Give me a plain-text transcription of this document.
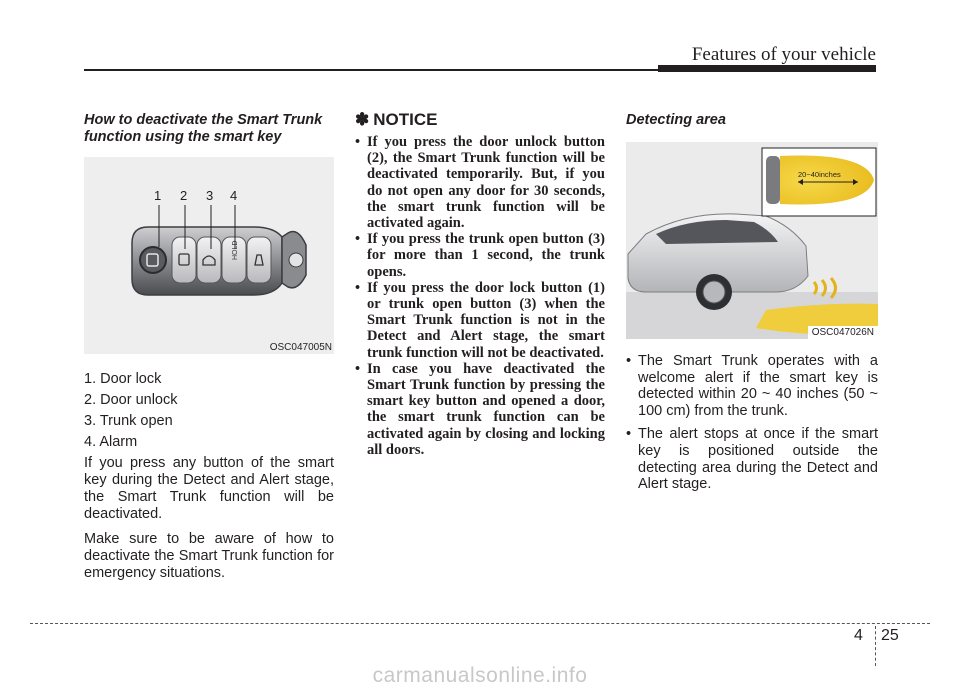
Features of your vehicle

How to deactivate the Smart Trunk
function using the smart key

HOLD
1 2 3 4
OSC047005N
1. Door lock
2. Door unlock
3. Trunk open
4. Alarm

If you press any button of the smart key during the Detect and Alert stage, the Smart Trunk function will be deactivated.

Make sure to be aware of how to deactivate the Smart Trunk function for emergency situations.

✽ NOTICE
• If you press the door unlock button (2), the Smart Trunk function will be deactivated temporarily. But, if you do not open any door for 30 seconds, the smart trunk function will be activated again.
• If you press the trunk open button (3) for more than 1 second, the trunk opens.
• If you press the door lock button (1) or trunk open button (3) when the Smart Trunk function is not in the Detect and Alert stage, the smart trunk function will not be deactivated.
• In case you have deactivated the Smart Trunk function by pressing the smart key button and opened a door, the smart trunk function can be activated again by closing and locking all doors.

Detecting area

20~40inches
OSC047026N
• The Smart Trunk operates with a welcome alert if the smart key is detected within 20 ~ 40 inches (50 ~ 100 cm) from the trunk.
• The alert stops at once if the smart key is positioned outside the detecting area during the Detect and Alert stage.
4 25
carmanualsonline.info
